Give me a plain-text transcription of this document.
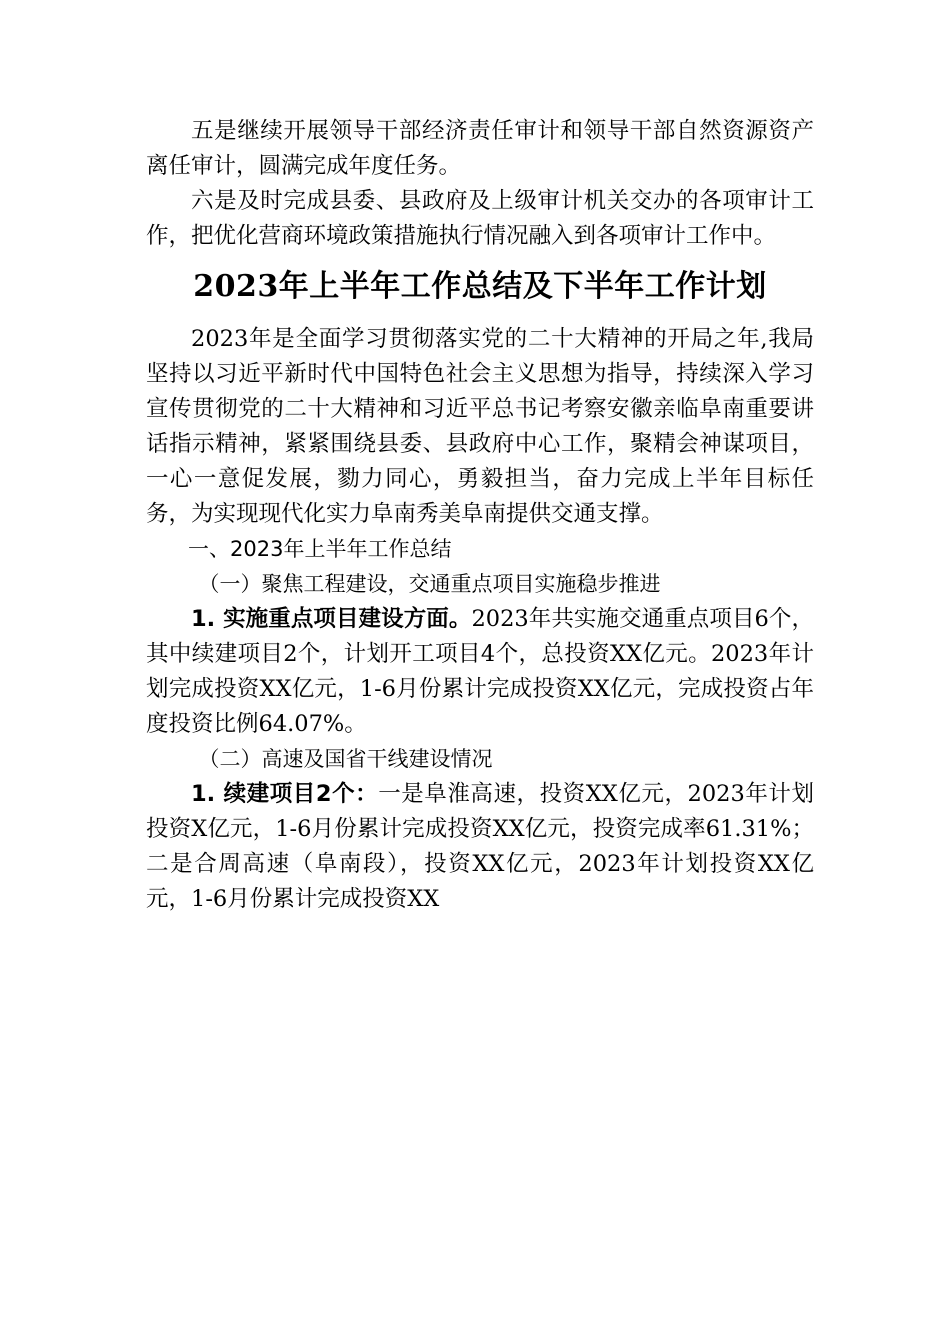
五是继续开展领导干部经济责任审计和领导干部自然资源资产离任审计，圆满完成年度任务。

六是及时完成县委、县政府及上级审计机关交办的各项审计工作，把优化营商环境政策措施执行情况融入到各项审计工作中。

2023年上半年工作总结及下半年工作计划

2023年是全面学习贯彻落实党的二十大精神的开局之年,我局坚持以习近平新时代中国特色社会主义思想为指导，持续深入学习宣传贯彻党的二十大精神和习近平总书记考察安徽亲临阜南重要讲话指示精神，紧紧围绕县委、县政府中心工作，聚精会神谋项目，一心一意促发展，勠力同心，勇毅担当，奋力完成上半年目标任务，为实现现代化实力阜南秀美阜南提供交通支撑。

一、2023年上半年工作总结

（一）聚焦工程建设，交通重点项目实施稳步推进

1. 实施重点项目建设方面。2023年共实施交通重点项目6个，其中续建项目2个，计划开工项目4个，总投资XX亿元。2023年计划完成投资XX亿元，1-6月份累计完成投资XX亿元，完成投资占年度投资比例64.07%。

（二）高速及国省干线建设情况

1. 续建项目2个：一是阜淮高速，投资XX亿元，2023年计划投资X亿元，1-6月份累计完成投资XX亿元，投资完成率61.31%；二是合周高速（阜南段），投资XX亿元，2023年计划投资XX亿元，1-6月份累计完成投资XX
